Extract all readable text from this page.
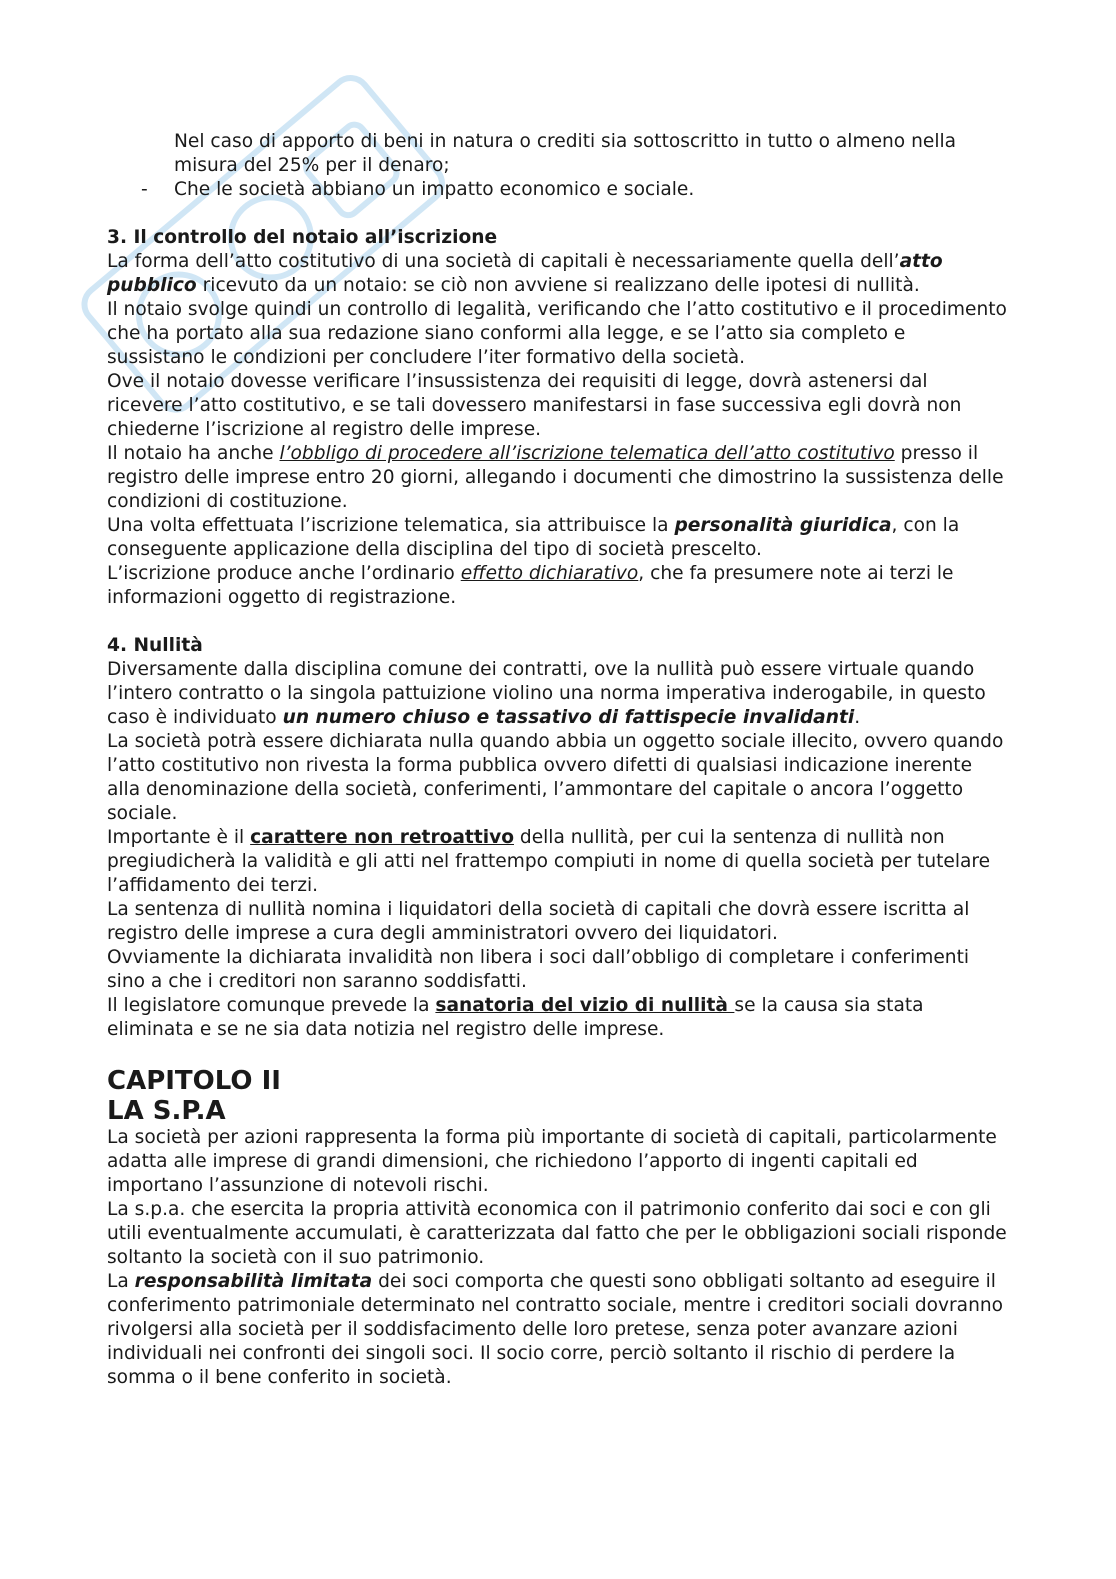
Nel caso di apporto di beni in natura o crediti sia sottoscritto in tutto o almeno nella misura del 25% per il denaro;

- Che le società abbiano un impatto economico e sociale.
3. Il controllo del notaio all’iscrizione

La forma dell’atto costitutivo di una società di capitali è necessariamente quella dell’atto pubblico ricevuto da un notaio: se ciò non avviene si realizzano delle ipotesi di nullità.

Il notaio svolge quindi un controllo di legalità, verificando che l’atto costitutivo e il procedimento che ha portato alla sua redazione siano conformi alla legge, e se l’atto sia completo e sussistano le condizioni per concludere l’iter formativo della società.

Ove il notaio dovesse verificare l’insussistenza dei requisiti di legge, dovrà astenersi dal ricevere l’atto costitutivo, e se tali dovessero manifestarsi in fase successiva egli dovrà non chiederne l’iscrizione al registro delle imprese.

Il notaio ha anche l’obbligo di procedere all’iscrizione telematica dell’atto costitutivo presso il registro delle imprese entro 20 giorni, allegando i documenti che dimostrino la sussistenza delle condizioni di costituzione.

Una volta effettuata l’iscrizione telematica, sia attribuisce la personalità giuridica, con la conseguente applicazione della disciplina del tipo di società prescelto.

L’iscrizione produce anche l’ordinario effetto dichiarativo, che fa presumere note ai terzi le informazioni oggetto di registrazione.

4. Nullità

Diversamente dalla disciplina comune dei contratti, ove la nullità può essere virtuale quando l’intero contratto o la singola pattuizione violino una norma imperativa inderogabile, in questo caso è individuato un numero chiuso e tassativo di fattispecie invalidanti.

La società potrà essere dichiarata nulla quando abbia un oggetto sociale illecito, ovvero quando l’atto costitutivo non rivesta la forma pubblica ovvero difetti di qualsiasi indicazione inerente alla denominazione della società, conferimenti, l’ammontare del capitale o ancora l’oggetto sociale.

Importante è il carattere non retroattivo della nullità, per cui la sentenza di nullità non pregiudicherà la validità e gli atti nel frattempo compiuti in nome di quella società per tutelare l’affidamento dei terzi.

La sentenza di nullità nomina i liquidatori della società di capitali che dovrà essere iscritta al registro delle imprese a cura degli amministratori ovvero dei liquidatori.

Ovviamente la dichiarata invalidità non libera i soci dall’obbligo di completare i conferimenti sino a che i creditori non saranno soddisfatti.

Il legislatore comunque prevede la sanatoria del vizio di nullità se la causa sia stata eliminata e se ne sia data notizia nel registro delle imprese.

CAPITOLO II
LA S.P.A

La società per azioni rappresenta la forma più importante di società di capitali, particolarmente adatta alle imprese di grandi dimensioni, che richiedono l’apporto di ingenti capitali ed importano l’assunzione di notevoli rischi.

La s.p.a. che esercita la propria attività economica con il patrimonio conferito dai soci e con gli utili eventualmente accumulati, è caratterizzata dal fatto che per le obbligazioni sociali risponde soltanto la società con il suo patrimonio.

La responsabilità limitata dei soci comporta che questi sono obbligati soltanto ad eseguire il conferimento patrimoniale determinato nel contratto sociale, mentre i creditori sociali dovranno rivolgersi alla società per il soddisfacimento delle loro pretese, senza poter avanzare azioni individuali nei confronti dei singoli soci. Il socio corre, perciò soltanto il rischio di perdere la somma o il bene conferito in società.
